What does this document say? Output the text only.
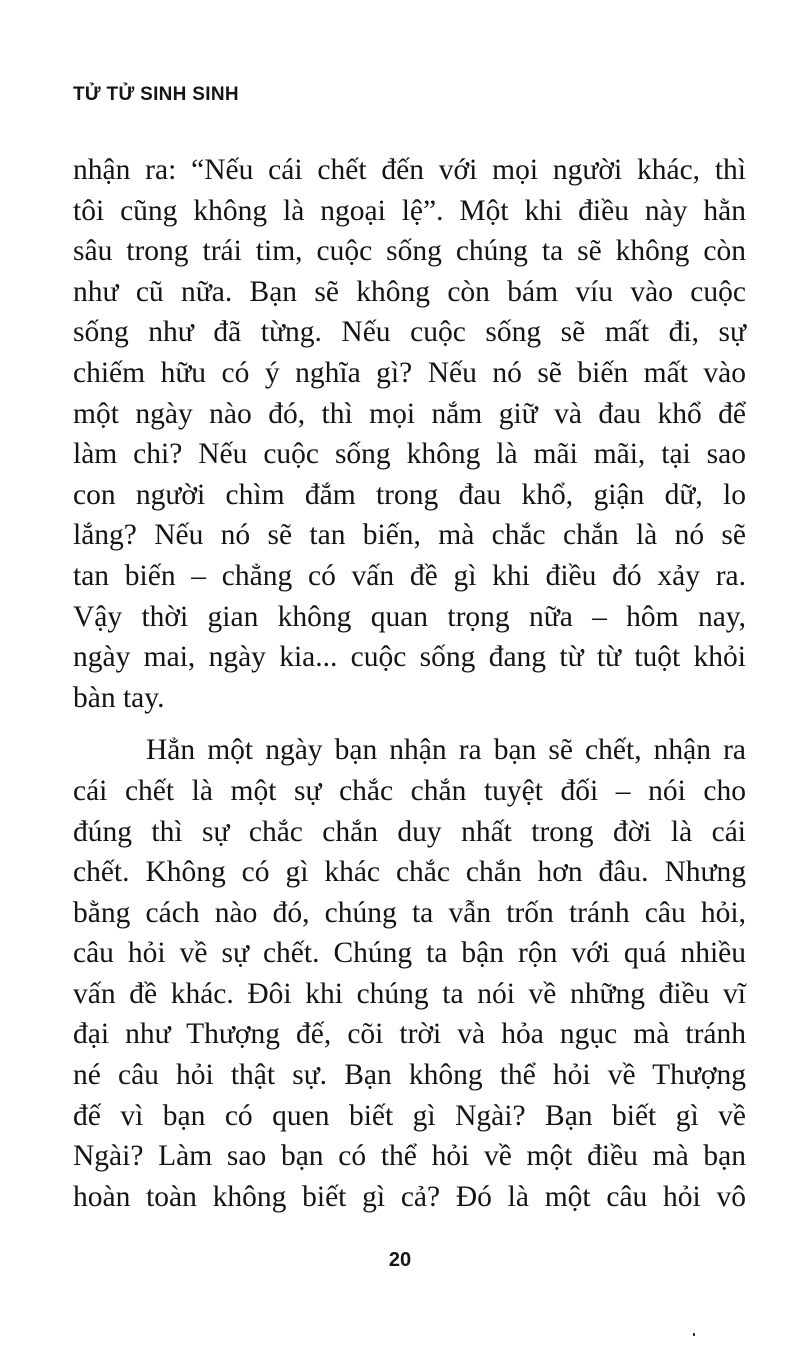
TỬ TỬ SINH SINH
nhận ra: “Nếu cái chết đến với mọi người khác, thì
tôi cũng không là ngoại lệ”. Một khi điều này hằn
sâu trong trái tim, cuộc sống chúng ta sẽ không còn
như cũ nữa. Bạn sẽ không còn bám víu vào cuộc
sống như đã từng. Nếu cuộc sống sẽ mất đi, sự
chiếm hữu có ý nghĩa gì? Nếu nó sẽ biến mất vào
một ngày nào đó, thì mọi nắm giữ và đau khổ để
làm chi? Nếu cuộc sống không là mãi mãi, tại sao
con người chìm đắm trong đau khổ, giận dữ, lo
lắng? Nếu nó sẽ tan biến, mà chắc chắn là nó sẽ
tan biến – chẳng có vấn đề gì khi điều đó xảy ra.
Vậy thời gian không quan trọng nữa – hôm nay,
ngày mai, ngày kia... cuộc sống đang từ từ tuột khỏi
bàn tay.
Hẳn một ngày bạn nhận ra bạn sẽ chết, nhận ra
cái chết là một sự chắc chắn tuyệt đối – nói cho
đúng thì sự chắc chắn duy nhất trong đời là cái
chết. Không có gì khác chắc chắn hơn đâu. Nhưng
bằng cách nào đó, chúng ta vẫn trốn tránh câu hỏi,
câu hỏi về sự chết. Chúng ta bận rộn với quá nhiều
vấn đề khác. Đôi khi chúng ta nói về những điều vĩ
đại như Thượng đế, cõi trời và hỏa ngục mà tránh
né câu hỏi thật sự. Bạn không thể hỏi về Thượng
đế vì bạn có quen biết gì Ngài? Bạn biết gì về
Ngài? Làm sao bạn có thể hỏi về một điều mà bạn
hoàn toàn không biết gì cả? Đó là một câu hỏi vô
20
